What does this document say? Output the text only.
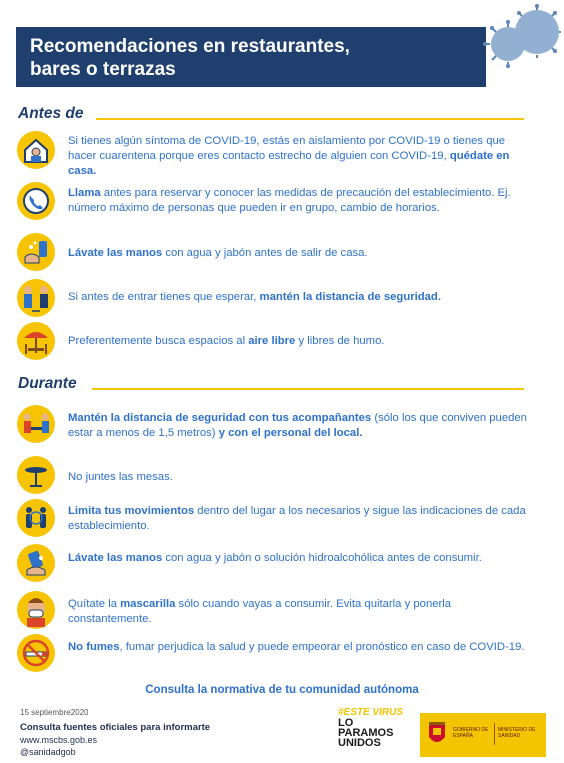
Recomendaciones en restaurantes,
bares o terrazas
Antes de
Si tienes algún síntoma de COVID-19, estás en aislamiento por COVID-19 o tienes que hacer cuarentena porque eres contacto estrecho de alguien con COVID-19, quédate en casa.
Llama antes para reservar y conocer las medidas de precaución del establecimiento. Ej. número máximo de personas que pueden ir en grupo, cambio de horarios.
Lávate las manos con agua y jabón antes de salir de casa.
Si antes de entrar tienes que esperar, mantén la distancia de seguridad.
Preferentemente busca espacios al aire libre y libres de humo.
Durante
Mantén la distancia de seguridad con tus acompañantes (sólo los que conviven pueden estar a menos de 1,5 metros) y con el personal del local.
No juntes las mesas.
Limita tus movimientos dentro del lugar a los necesarios y sigue las indicaciones de cada establecimiento.
Lávate las manos con agua y jabón o solución hidroalcohólica antes de consumir.
Quítate la mascarilla sólo cuando vayas a consumir. Evita quitarla y ponerla constantemente.
No fumes, fumar perjudica la salud y puede empeorar el pronóstico en caso de COVID-19.
Consulta la normativa de tu comunidad autónoma
15 septiembre2020
Consulta fuentes oficiales para informarte
www.mscbs.gob.es
@sanidadgob
#ESTE VIRUS
LO
PARAMOS
UNIDOS
GOBIERNO DE ESPAÑA
MINISTERIO DE SANIDAD
